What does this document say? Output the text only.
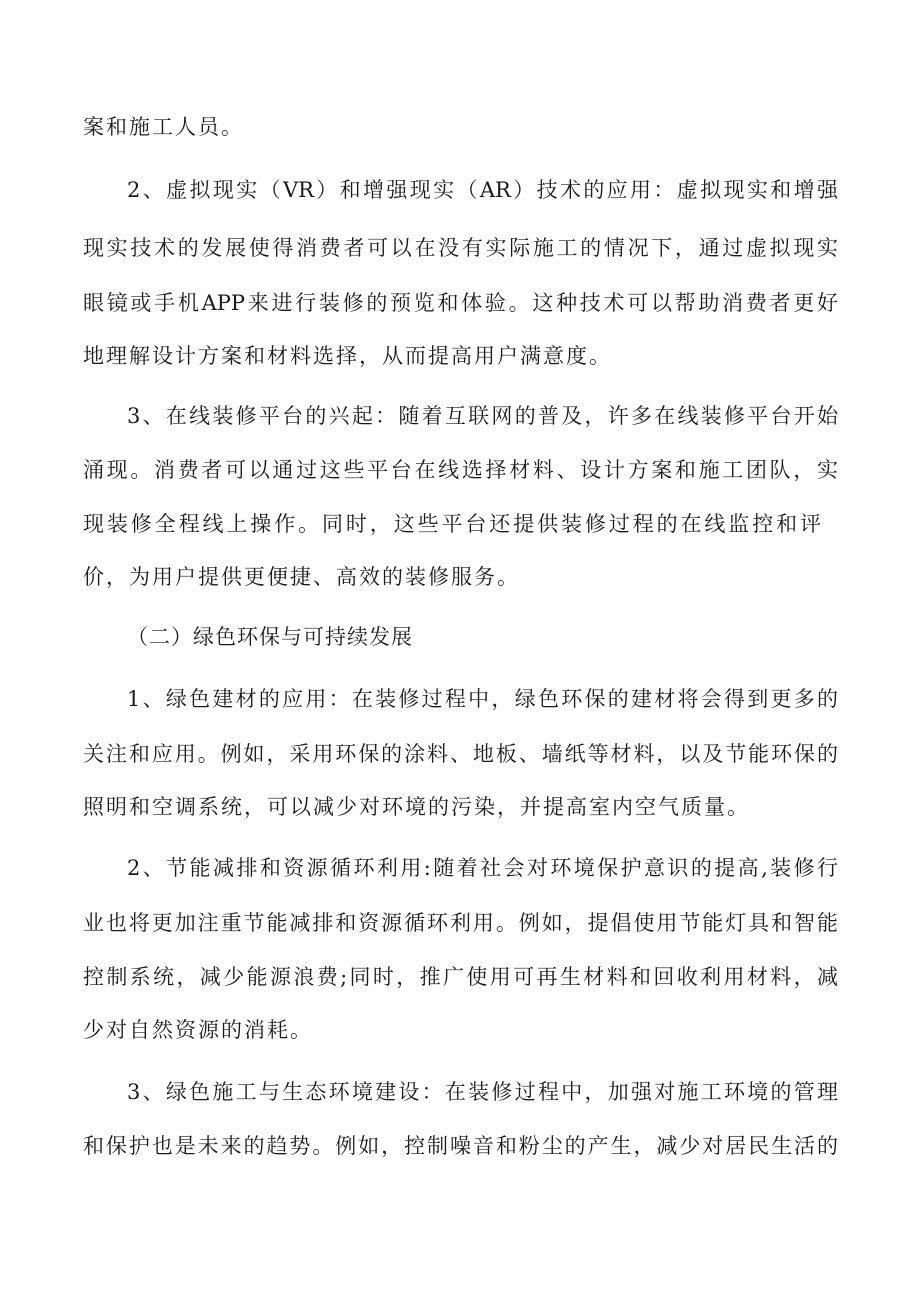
案和施工人员。

2、虚拟现实（VR）和增强现实（AR）技术的应用：虚拟现实和增强

现实技术的发展使得消费者可以在没有实际施工的情况下，通过虚拟现实

眼镜或手机APP来进行装修的预览和体验。这种技术可以帮助消费者更好

地理解设计方案和材料选择，从而提高用户满意度。

3、在线装修平台的兴起：随着互联网的普及，许多在线装修平台开始

涌现。消费者可以通过这些平台在线选择材料、设计方案和施工团队，实

现装修全程线上操作。同时，这些平台还提供装修过程的在线监控和评

价，为用户提供更便捷、高效的装修服务。

（二）绿色环保与可持续发展

1、绿色建材的应用：在装修过程中，绿色环保的建材将会得到更多的

关注和应用。例如，采用环保的涂料、地板、墙纸等材料，以及节能环保的

照明和空调系统，可以减少对环境的污染，并提高室内空气质量。

2、节能减排和资源循环利用:随着社会对环境保护意识的提高,装修行

业也将更加注重节能减排和资源循环利用。例如，提倡使用节能灯具和智能

控制系统，减少能源浪费;同时，推广使用可再生材料和回收利用材料，减

少对自然资源的消耗。

3、绿色施工与生态环境建设：在装修过程中，加强对施工环境的管理

和保护也是未来的趋势。例如，控制噪音和粉尘的产生，减少对居民生活的
